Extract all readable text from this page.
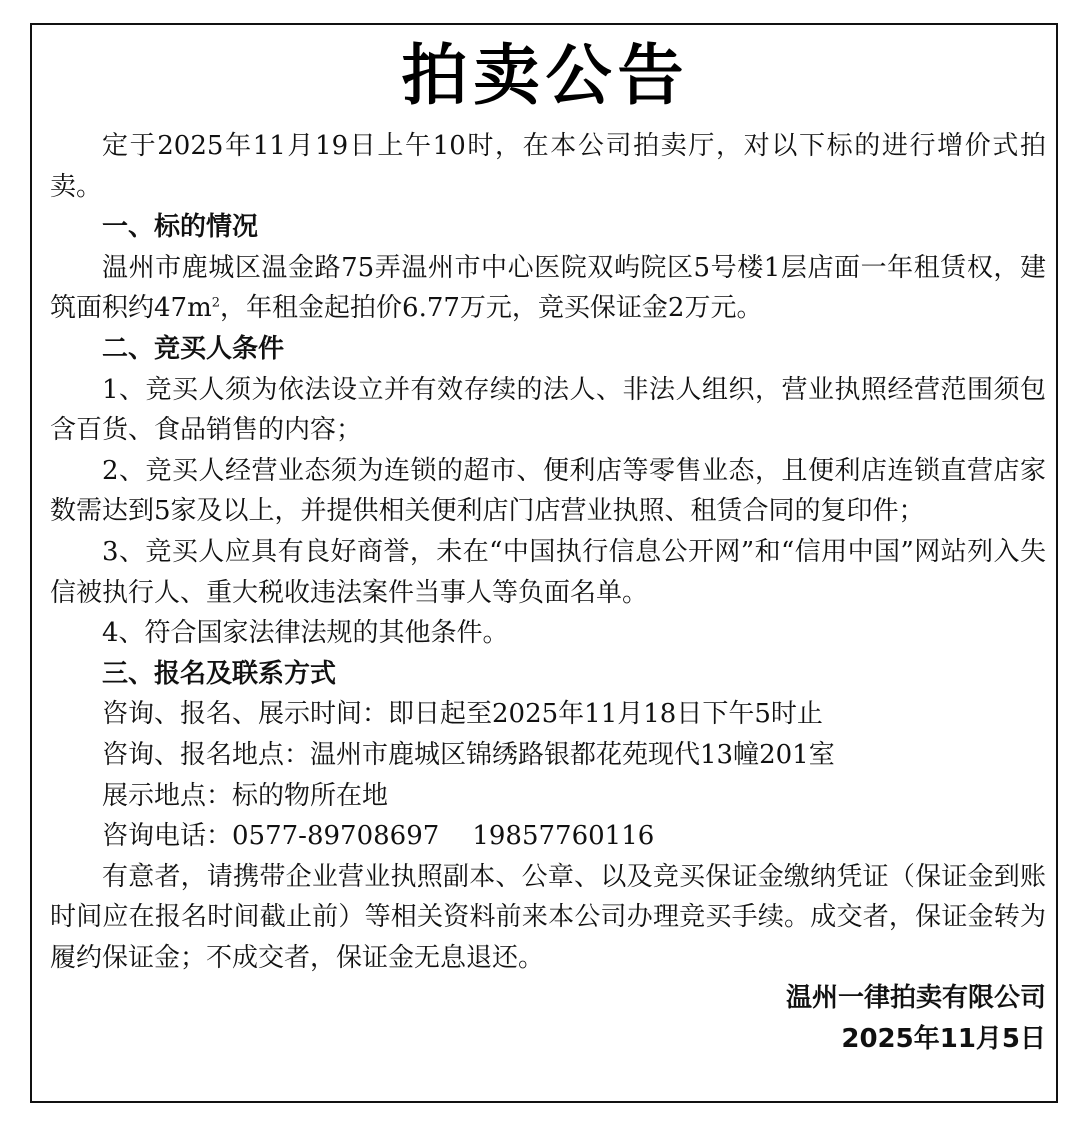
拍卖公告

定于2025年11月19日上午10时，在本公司拍卖厅，对以下标的进行增价式拍卖。

一、标的情况

温州市鹿城区温金路75弄温州市中心医院双屿院区5号楼1层店面一年租赁权，建筑面积约$47m^2$，年租金起拍价6.77万元，竞买保证金2万元。

二、竞买人条件

1、竞买人须为依法设立并有效存续的法人、非法人组织，营业执照经营范围须包含百货、食品销售的内容；

2、竞买人经营业态须为连锁的超市、便利店等零售业态，且便利店连锁直营店家数需达到5家及以上，并提供相关便利店门店营业执照、租赁合同的复印件；

3、竞买人应具有良好商誉，未在“中国执行信息公开网”和“信用中国”网站列入失信被执行人、重大税收违法案件当事人等负面名单。

4、符合国家法律法规的其他条件。

三、报名及联系方式

咨询、报名、展示时间：即日起至2025年11月18日下午5时止

咨询、报名地点：温州市鹿城区锦绣路银都花苑现代13幢201室

展示地点：标的物所在地

咨询电话：0577-89708697    19857760116

有意者，请携带企业营业执照副本、公章、以及竞买保证金缴纳凭证（保证金到账时间应在报名时间截止前）等相关资料前来本公司办理竞买手续。成交者，保证金转为履约保证金；不成交者，保证金无息退还。

温州一律拍卖有限公司

2025年11月5日
